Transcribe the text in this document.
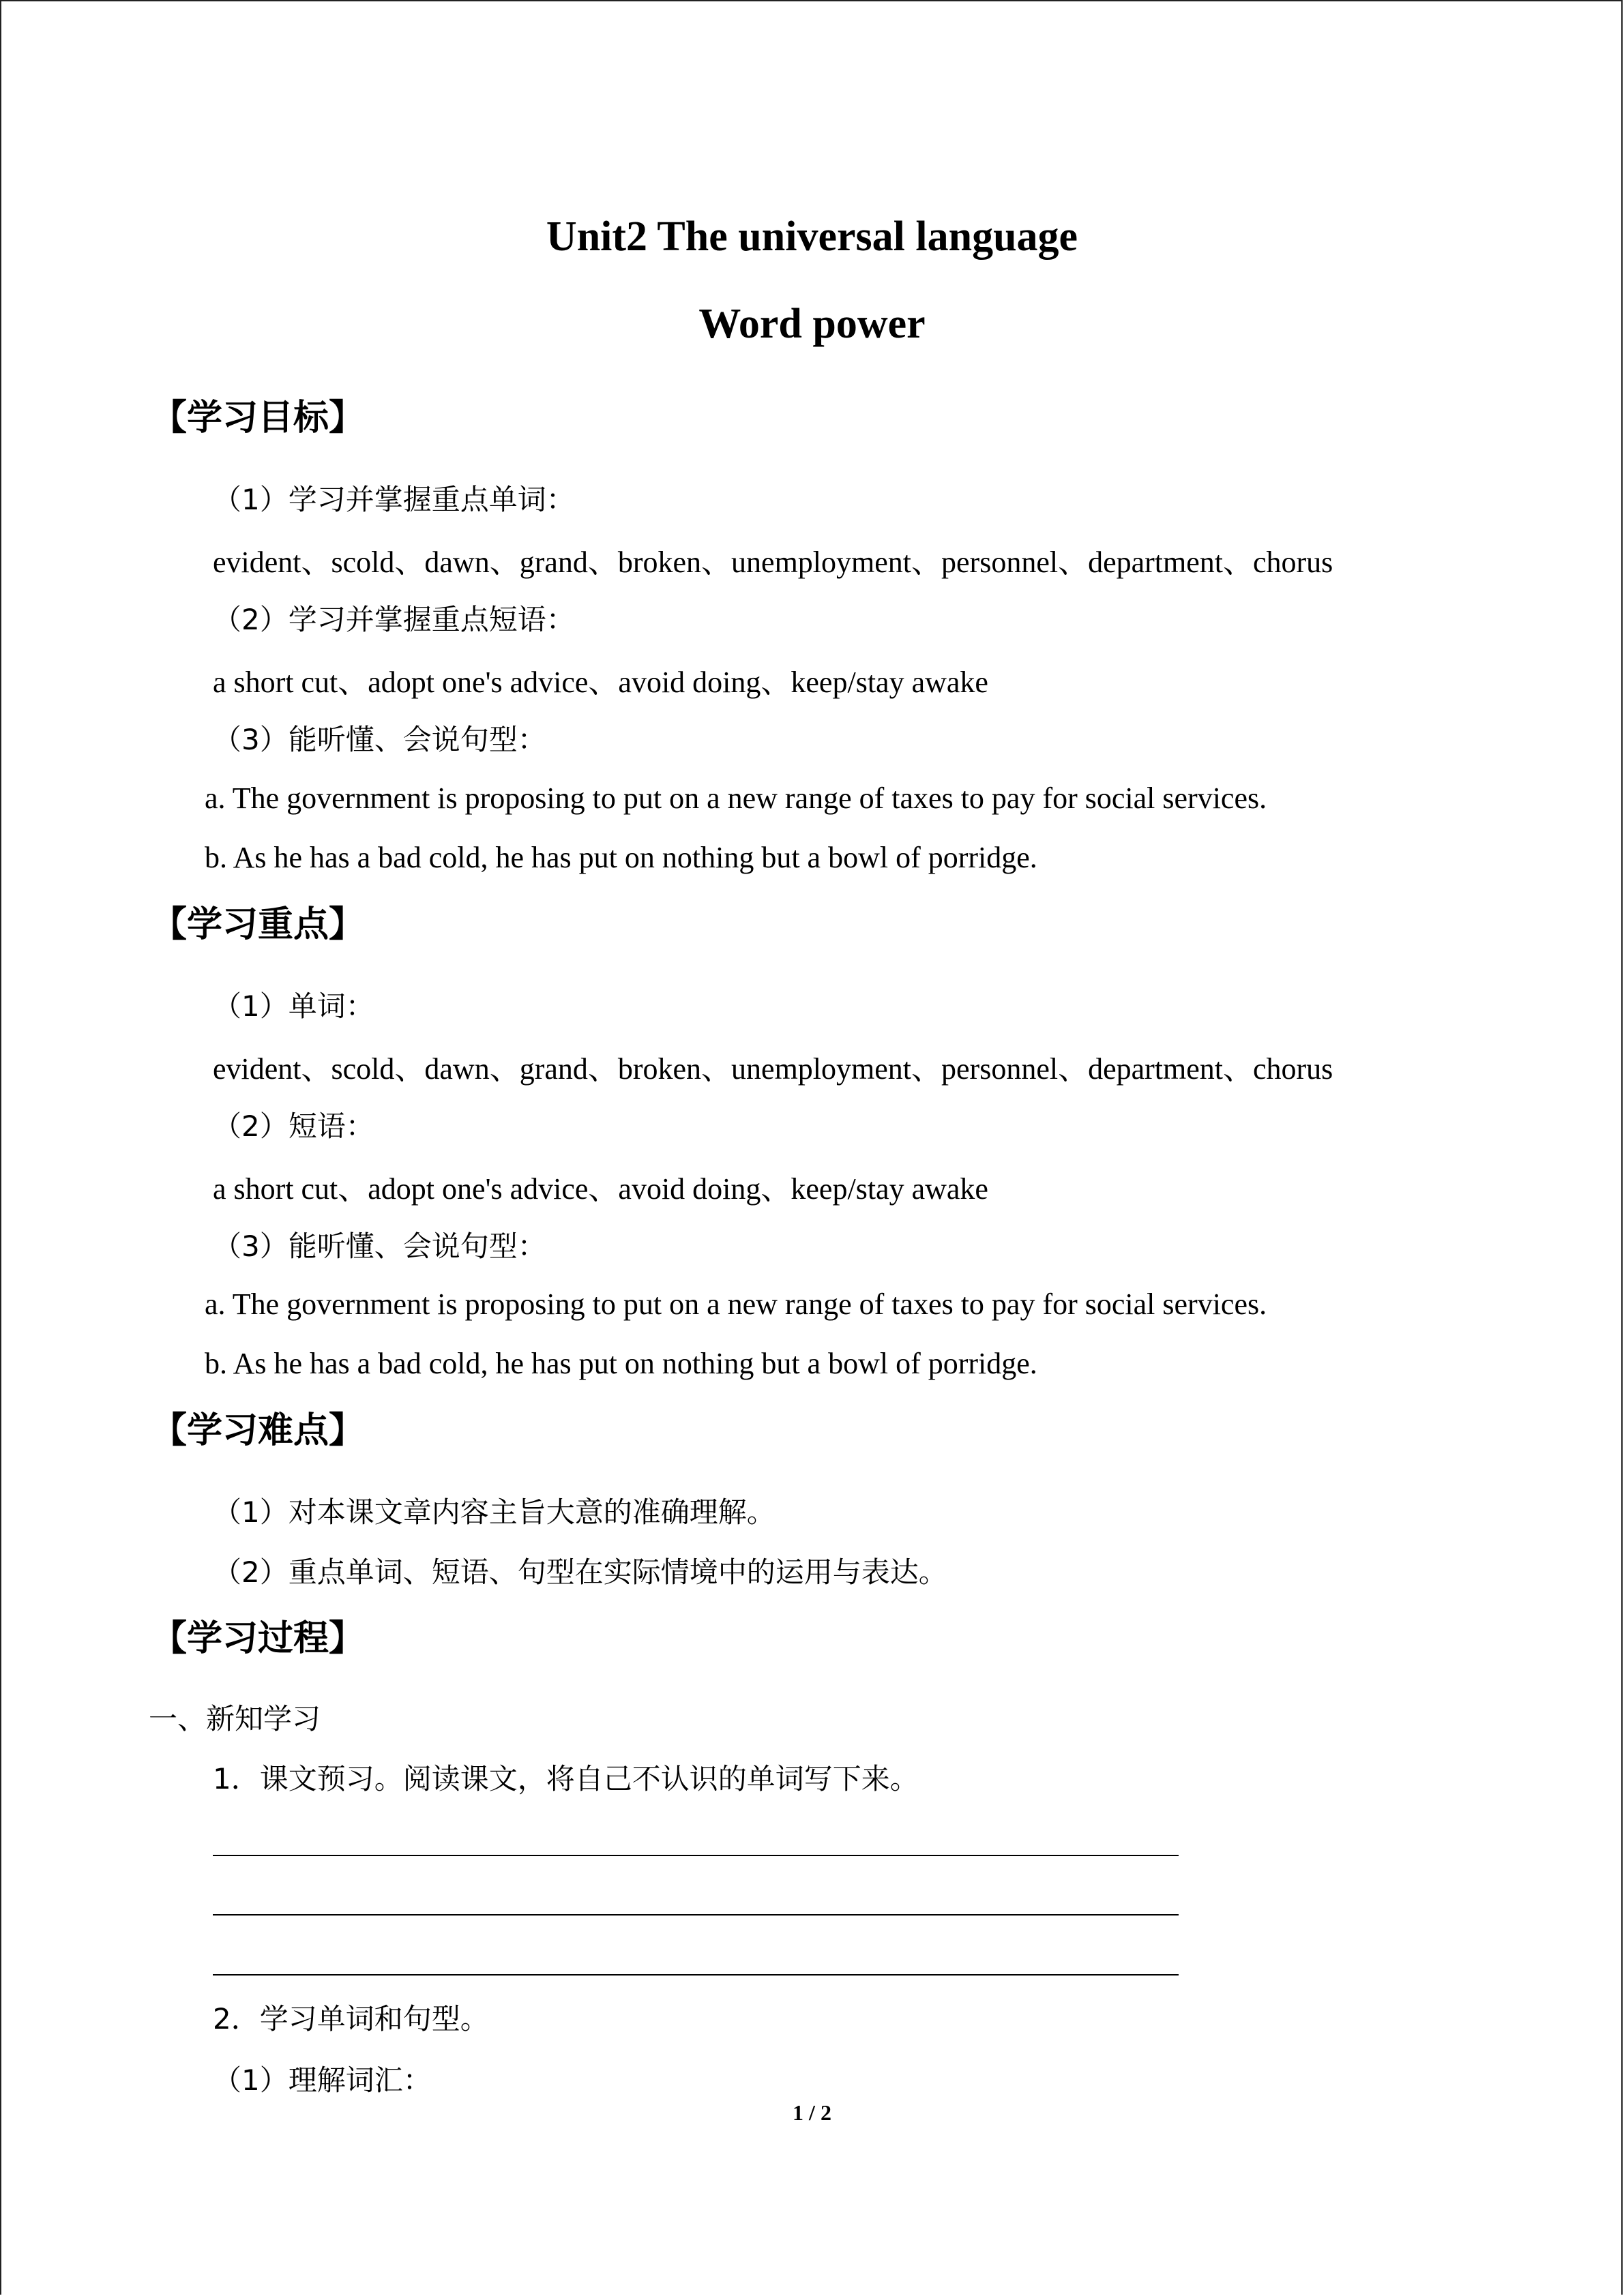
Unit2 The universal language
Word power
【学习目标】
（1）学习并掌握重点单词：
evident、scold、dawn、grand、broken、unemployment、personnel、department、chorus
（2）学习并掌握重点短语：
a short cut、adopt one's advice、avoid doing、keep/stay awake
（3）能听懂、会说句型：
a. The government is proposing to put on a new range of taxes to pay for social services.
b. As he has a bad cold, he has put on nothing but a bowl of porridge.
【学习重点】
（1）单词：
evident、scold、dawn、grand、broken、unemployment、personnel、department、chorus
（2）短语：
a short cut、adopt one's advice、avoid doing、keep/stay awake
（3）能听懂、会说句型：
a. The government is proposing to put on a new range of taxes to pay for social services.
b. As he has a bad cold, he has put on nothing but a bowl of porridge.
【学习难点】
（1）对本课文章内容主旨大意的准确理解。
（2）重点单词、短语、句型在实际情境中的运用与表达。
【学习过程】
一、新知学习
1．课文预习。阅读课文，将自己不认识的单词写下来。
2．学习单词和句型。
（1）理解词汇：
1 / 2
